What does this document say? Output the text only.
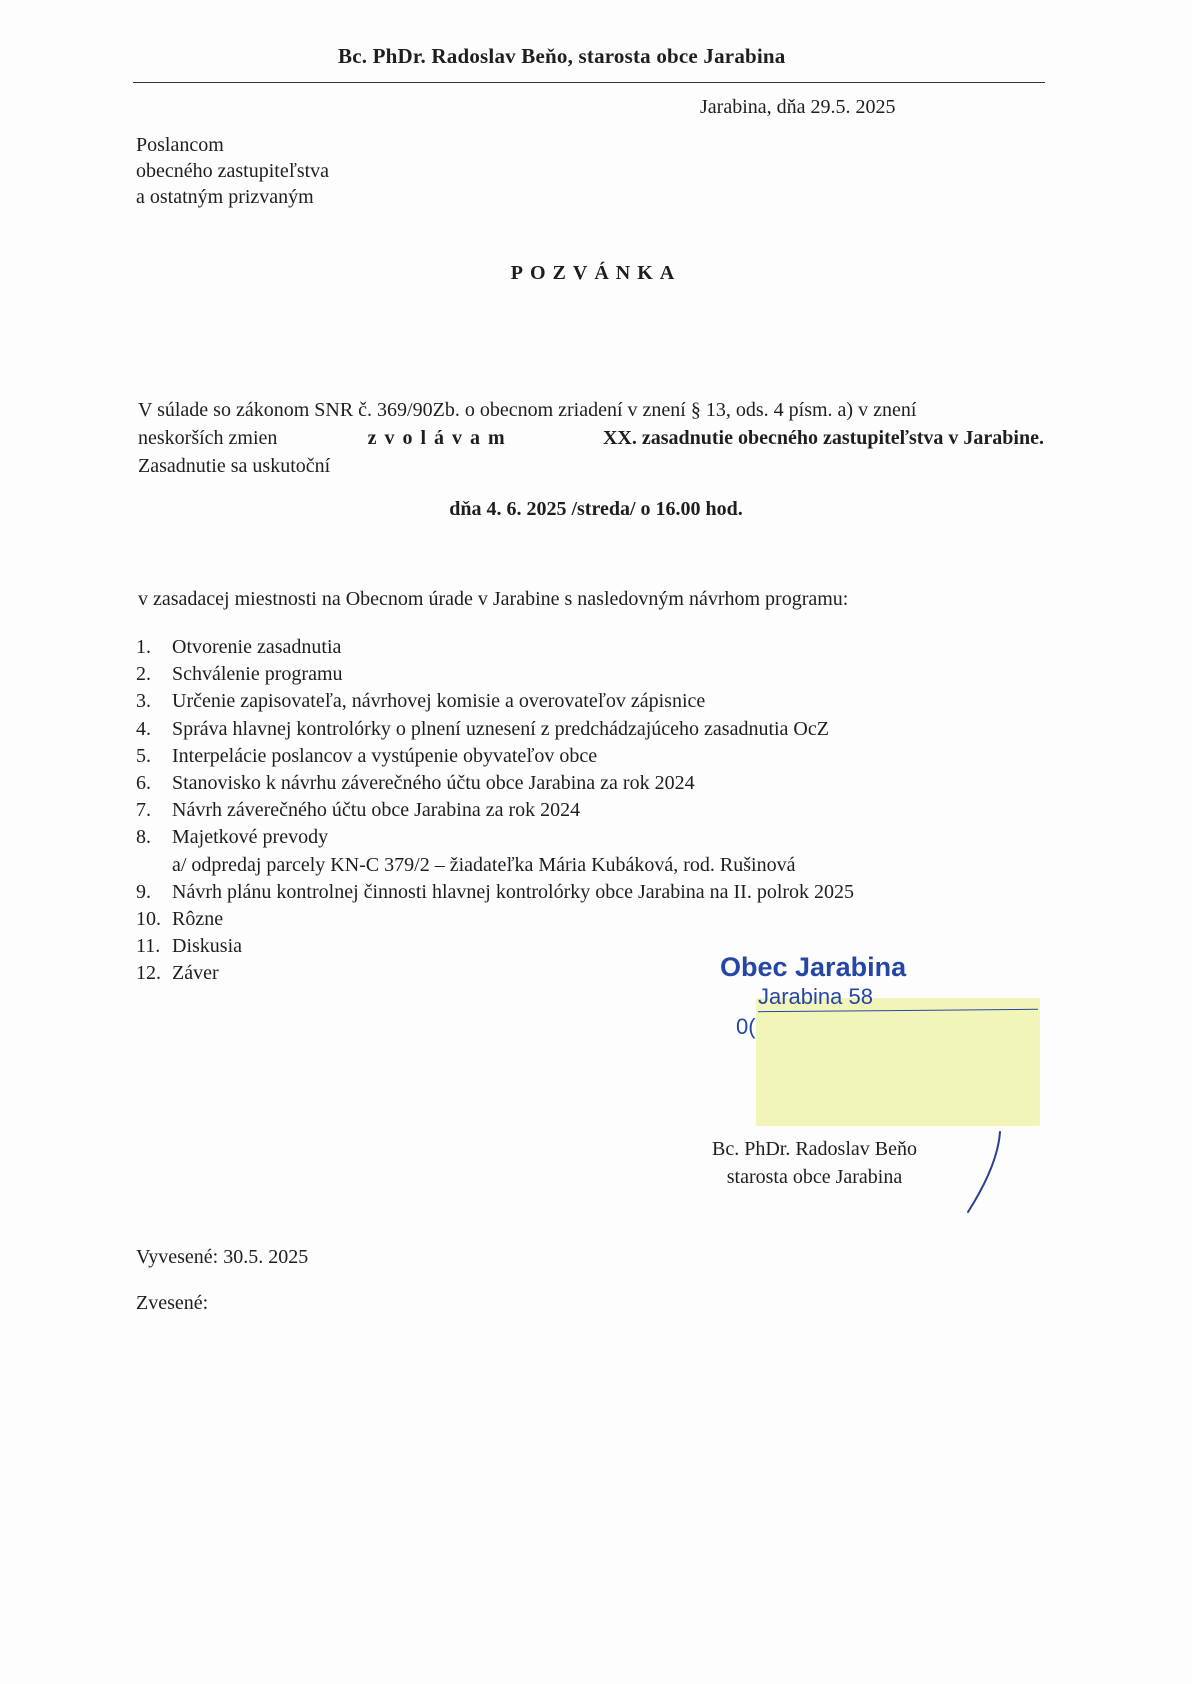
Bc. PhDr. Radoslav Beňo, starosta obce Jarabina
Jarabina, dňa 29.5. 2025
Poslancom
obecného zastupiteľstva
a ostatným prizvaným
POZVÁNKA
V súlade so zákonom SNR č. 369/90Zb. o obecnom zriadení v znení § 13, ods. 4 písm. a) v znení
neskorších zmien	zvolávam	XX. zasadnutie obecného zastupiteľstva v Jarabine.
Zasadnutie sa uskutoční
dňa 4. 6. 2025 /streda/ o 16.00 hod.
v zasadacej miestnosti na Obecnom úrade v Jarabine s nasledovným návrhom programu:
1.	Otvorenie zasadnutia
2.	Schválenie programu
3.	Určenie zapisovateľa, návrhovej komisie a overovateľov zápisnice
4.	Správa hlavnej kontrolórky o plnení uznesení z predchádzajúceho zasadnutia OcZ
5.	Interpelácie poslancov a vystúpenie obyvateľov obce
6.	Stanovisko k návrhu záverečného účtu obce Jarabina za rok 2024
7.	Návrh záverečného účtu obce Jarabina za rok 2024
8.	Majetkové prevody
a/ odpredaj parcely KN-C 379/2 – žiadateľka Mária Kubáková, rod. Rušinová
9.	Návrh plánu kontrolnej činnosti hlavnej kontrolórky obce Jarabina na II. polrok 2025
10. Rôzne
11. Diskusia
12. Záver	Obec Jarabina
Jarabina 58
0(
Bc. PhDr. Radoslav Beňo
starosta obce Jarabina
Vyvesené: 30.5. 2025
Zvesené:
